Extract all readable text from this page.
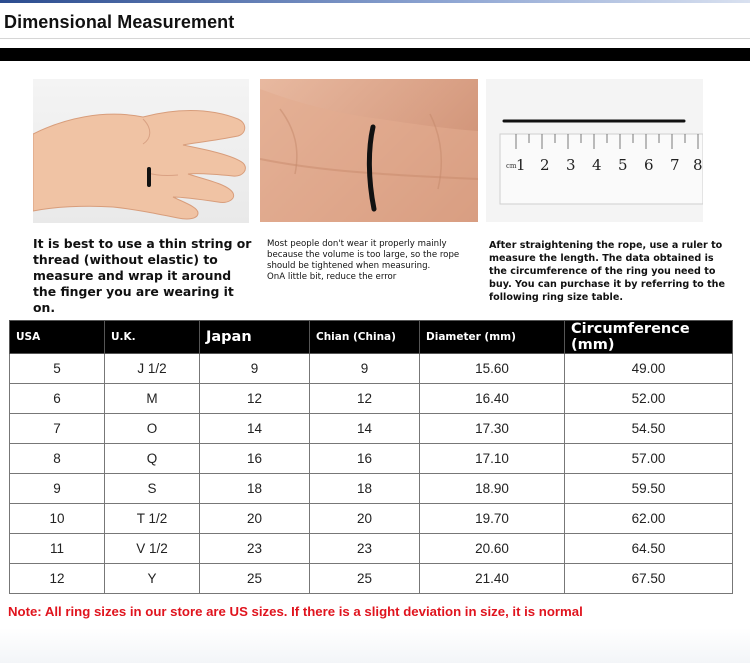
Dimensional Measurement
cm 1 2 3 4 5 6 7 8
It is best to use a thin string or thread (without elastic) to measure and wrap it around the finger you are wearing it on.
Most people don't wear it properly mainly
because the volume is too large, so the rope
should be tightened when measuring.
OnA little bit, reduce the error
After straightening the rope, use a ruler to measure the length. The data obtained is the circumference of the ring you need to buy. You can purchase it by referring to the following ring size table.
USA	U.K.	Japan	Chian (China)	Diameter (mm)	Circumference (mm)
5	J 1/2	9	9	15.60	49.00
6	M	12	12	16.40	52.00
7	O	14	14	17.30	54.50
8	Q	16	16	17.10	57.00
9	S	18	18	18.90	59.50
10	T 1/2	20	20	19.70	62.00
11	V 1/2	23	23	20.60	64.50
12	Y	25	25	21.40	67.50
Note: All ring sizes in our store are US sizes. If there is a slight deviation in size, it is normal
